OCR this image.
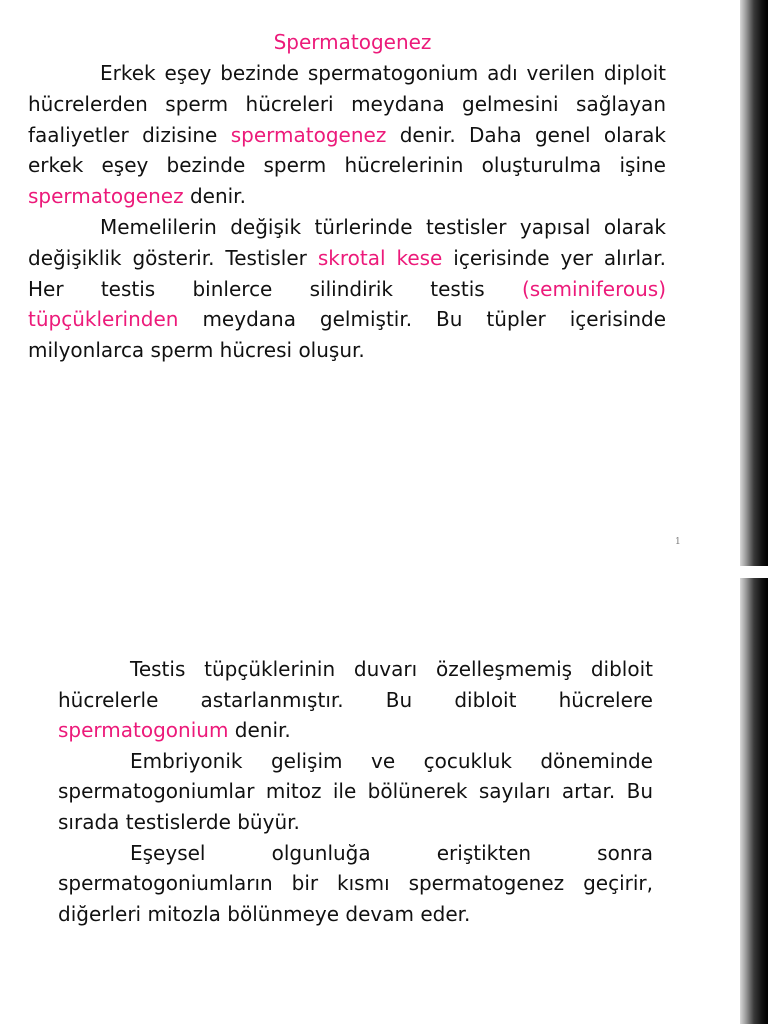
Spermatogenez

Erkek eşey bezinde spermatogonium adı verilen diploit hücrelerden sperm hücreleri meydana gelmesini sağlayan faaliyetler dizisine spermatogenez denir. Daha genel olarak erkek eşey bezinde sperm hücrelerinin oluşturulma işine spermatogenez denir.

Memelilerin değişik türlerinde testisler yapısal olarak değişiklik gösterir. Testisler skrotal kese içerisinde yer alırlar. Her testis binlerce silindirik testis (seminiferous) tüpçüklerinden meydana gelmiştir. Bu tüpler içerisinde milyonlarca sperm hücresi oluşur.

1

Testis tüpçüklerinin duvarı özelleşmemiş dibloit hücrelerle astarlanmıştır. Bu dibloit hücrelere spermatogonium denir.

Embriyonik gelişim ve çocukluk döneminde spermatogoniumlar mitoz ile bölünerek sayıları artar. Bu sırada testislerde büyür.

Eşeysel olgunluğa eriştikten sonra spermatogoniumların bir kısmı spermatogenez geçirir, diğerleri mitozla bölünmeye devam eder.
